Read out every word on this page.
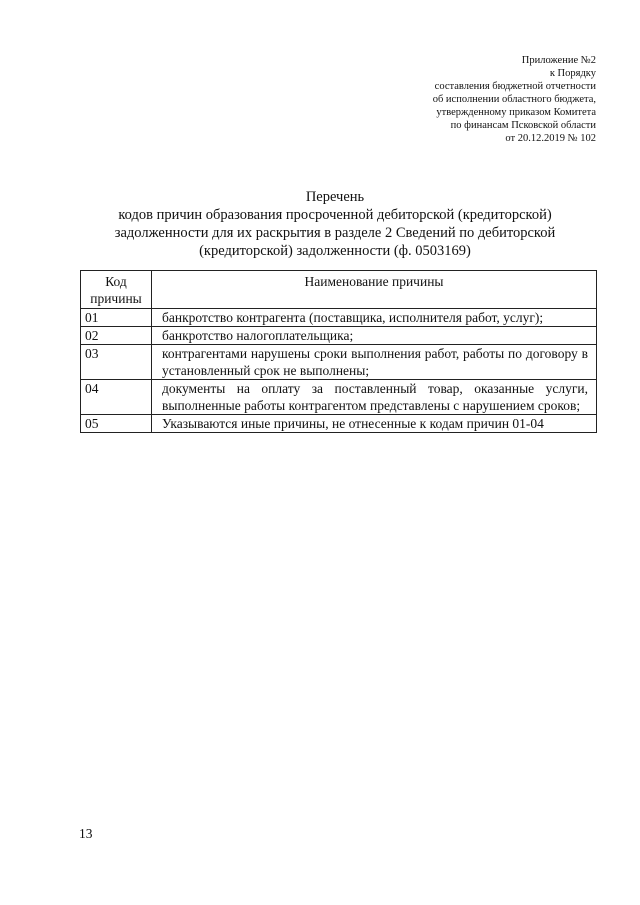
Приложение №2
к Порядку
составления бюджетной отчетности
об исполнении областного бюджета,
утвержденному приказом Комитета
по финансам Псковской области
от 20.12.2019 № 102
Перечень
кодов причин образования просроченной дебиторской (кредиторской)
задолженности для их раскрытия в разделе 2 Сведений по дебиторской
(кредиторской) задолженности (ф. 0503169)
Код
причины	Наименование причины
01	банкротство контрагента (поставщика, исполнителя работ, услуг);
02	банкротство налогоплательщика;
03	контрагентами нарушены сроки выполнения работ, работы по договору в установленный срок не выполнены;
04	документы на оплату за поставленный товар, оказанные услуги, выполненные работы контрагентом представлены с нарушением сроков;
05	Указываются иные причины, не отнесенные к кодам причин 01-04
13
